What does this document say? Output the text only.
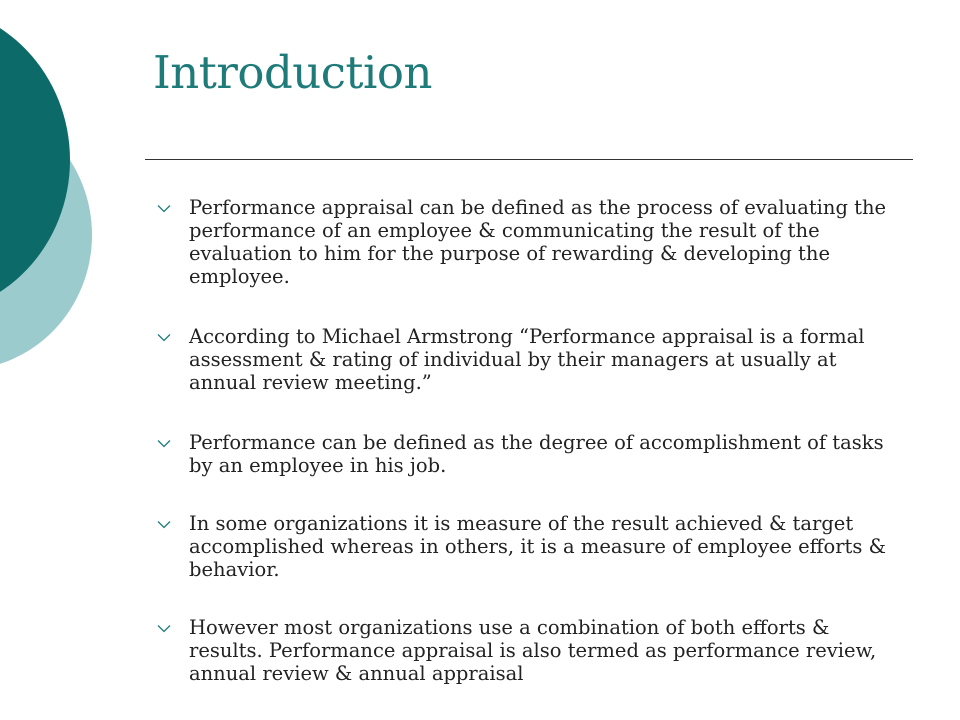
Introduction
Performance appraisal can be defined as the process of evaluating the performance of an employee & communicating the result of the evaluation to him for the purpose of rewarding & developing the employee.
According to Michael Armstrong “Performance appraisal is a formal assessment & rating of individual by their managers at usually at annual review meeting.”
Performance can be defined as the degree of accomplishment of tasks by an employee in his job.
In some organizations it is measure of the result achieved & target accomplished whereas in others, it is a measure of employee efforts & behavior.
However most organizations use a combination of both efforts & results. Performance appraisal is also termed as performance review, annual review & annual appraisal
